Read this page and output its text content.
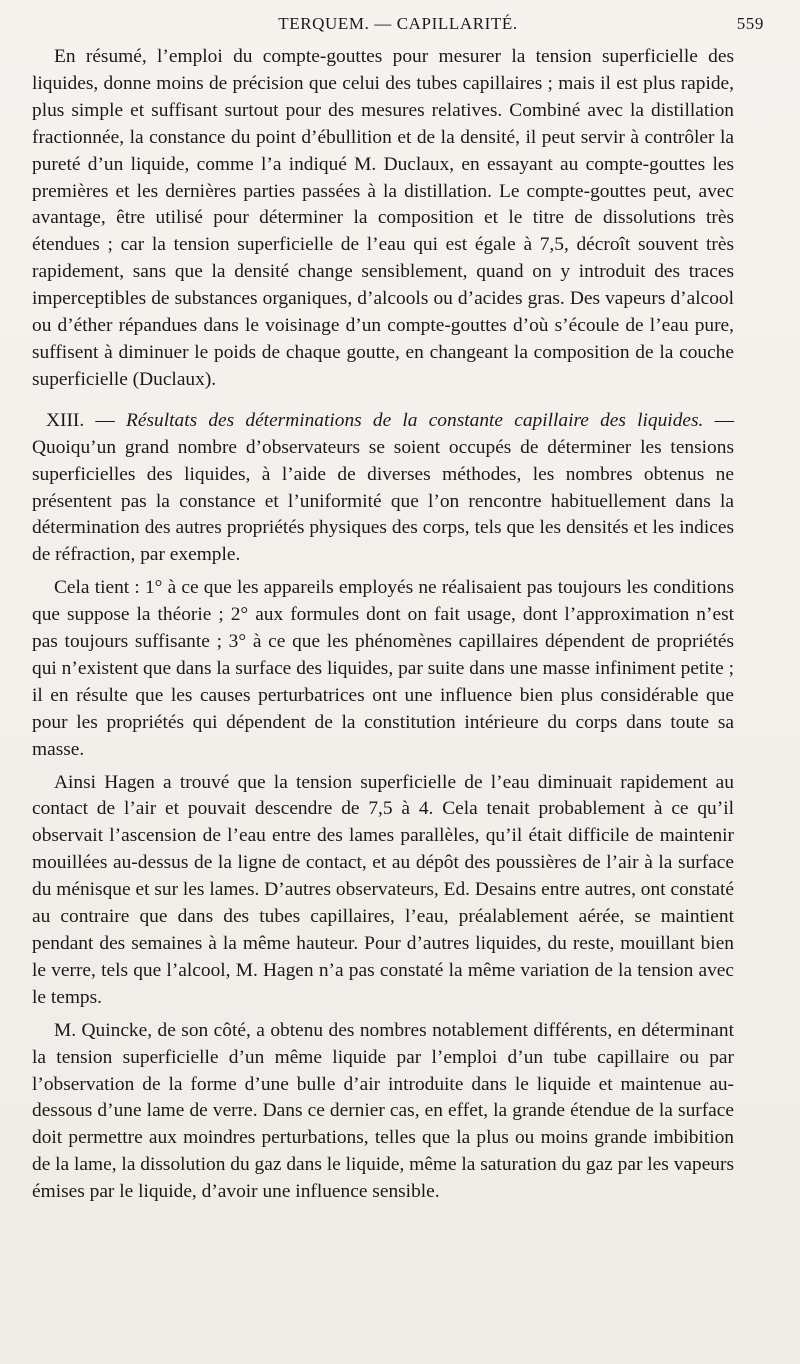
TERQUEM. — CAPILLARITÉ.	559

En résumé, l’emploi du compte-gouttes pour mesurer la tension superficielle des liquides, donne moins de précision que celui des tubes capillaires ; mais il est plus rapide, plus simple et suffisant surtout pour des mesures relatives. Combiné avec la distillation fractionnée, la constance du point d’ébullition et de la densité, il peut servir à contrôler la pureté d’un liquide, comme l’a indiqué M. Duclaux, en essayant au compte-gouttes les premières et les dernières parties passées à la distillation. Le compte-gouttes peut, avec avantage, être utilisé pour déterminer la composition et le titre de dissolutions très étendues ; car la tension superficielle de l’eau qui est égale à 7,5, décroît souvent très rapidement, sans que la densité change sensiblement, quand on y introduit des traces imperceptibles de substances organiques, d’alcools ou d’acides gras. Des vapeurs d’alcool ou d’éther répandues dans le voisinage d’un compte-gouttes d’où s’écoule de l’eau pure, suffisent à diminuer le poids de chaque goutte, en changeant la composition de la couche superficielle (Duclaux).

XIII. — Résultats des déterminations de la constante capillaire des liquides. — Quoiqu’un grand nombre d’observateurs se soient occupés de déterminer les tensions superficielles des liquides, à l’aide de diverses méthodes, les nombres obtenus ne présentent pas la constance et l’uniformité que l’on rencontre habituellement dans la détermination des autres propriétés physiques des corps, tels que les densités et les indices de réfraction, par exemple.

Cela tient : 1° à ce que les appareils employés ne réalisaient pas toujours les conditions que suppose la théorie ; 2° aux formules dont on fait usage, dont l’approximation n’est pas toujours suffisante ; 3° à ce que les phénomènes capillaires dépendent de propriétés qui n’existent que dans la surface des liquides, par suite dans une masse infiniment petite ; il en résulte que les causes perturbatrices ont une influence bien plus considérable que pour les propriétés qui dépendent de la constitution intérieure du corps dans toute sa masse.

Ainsi Hagen a trouvé que la tension superficielle de l’eau diminuait rapidement au contact de l’air et pouvait descendre de 7,5 à 4. Cela tenait probablement à ce qu’il observait l’ascension de l’eau entre des lames parallèles, qu’il était difficile de maintenir mouillées au-dessus de la ligne de contact, et au dépôt des poussières de l’air à la surface du ménisque et sur les lames. D’autres observateurs, Ed. Desains entre autres, ont constaté au contraire que dans des tubes capillaires, l’eau, préalablement aérée, se maintient pendant des semaines à la même hauteur. Pour d’autres liquides, du reste, mouillant bien le verre, tels que l’alcool, M. Hagen n’a pas constaté la même variation de la tension avec le temps.

M. Quincke, de son côté, a obtenu des nombres notablement différents, en déterminant la tension superficielle d’un même liquide par l’emploi d’un tube capillaire ou par l’observation de la forme d’une bulle d’air introduite dans le liquide et maintenue au-dessous d’une lame de verre. Dans ce dernier cas, en effet, la grande étendue de la surface doit permettre aux moindres perturbations, telles que la plus ou moins grande imbibition de la lame, la dissolution du gaz dans le liquide, même la saturation du gaz par les vapeurs émises par le liquide, d’avoir une influence sensible.
